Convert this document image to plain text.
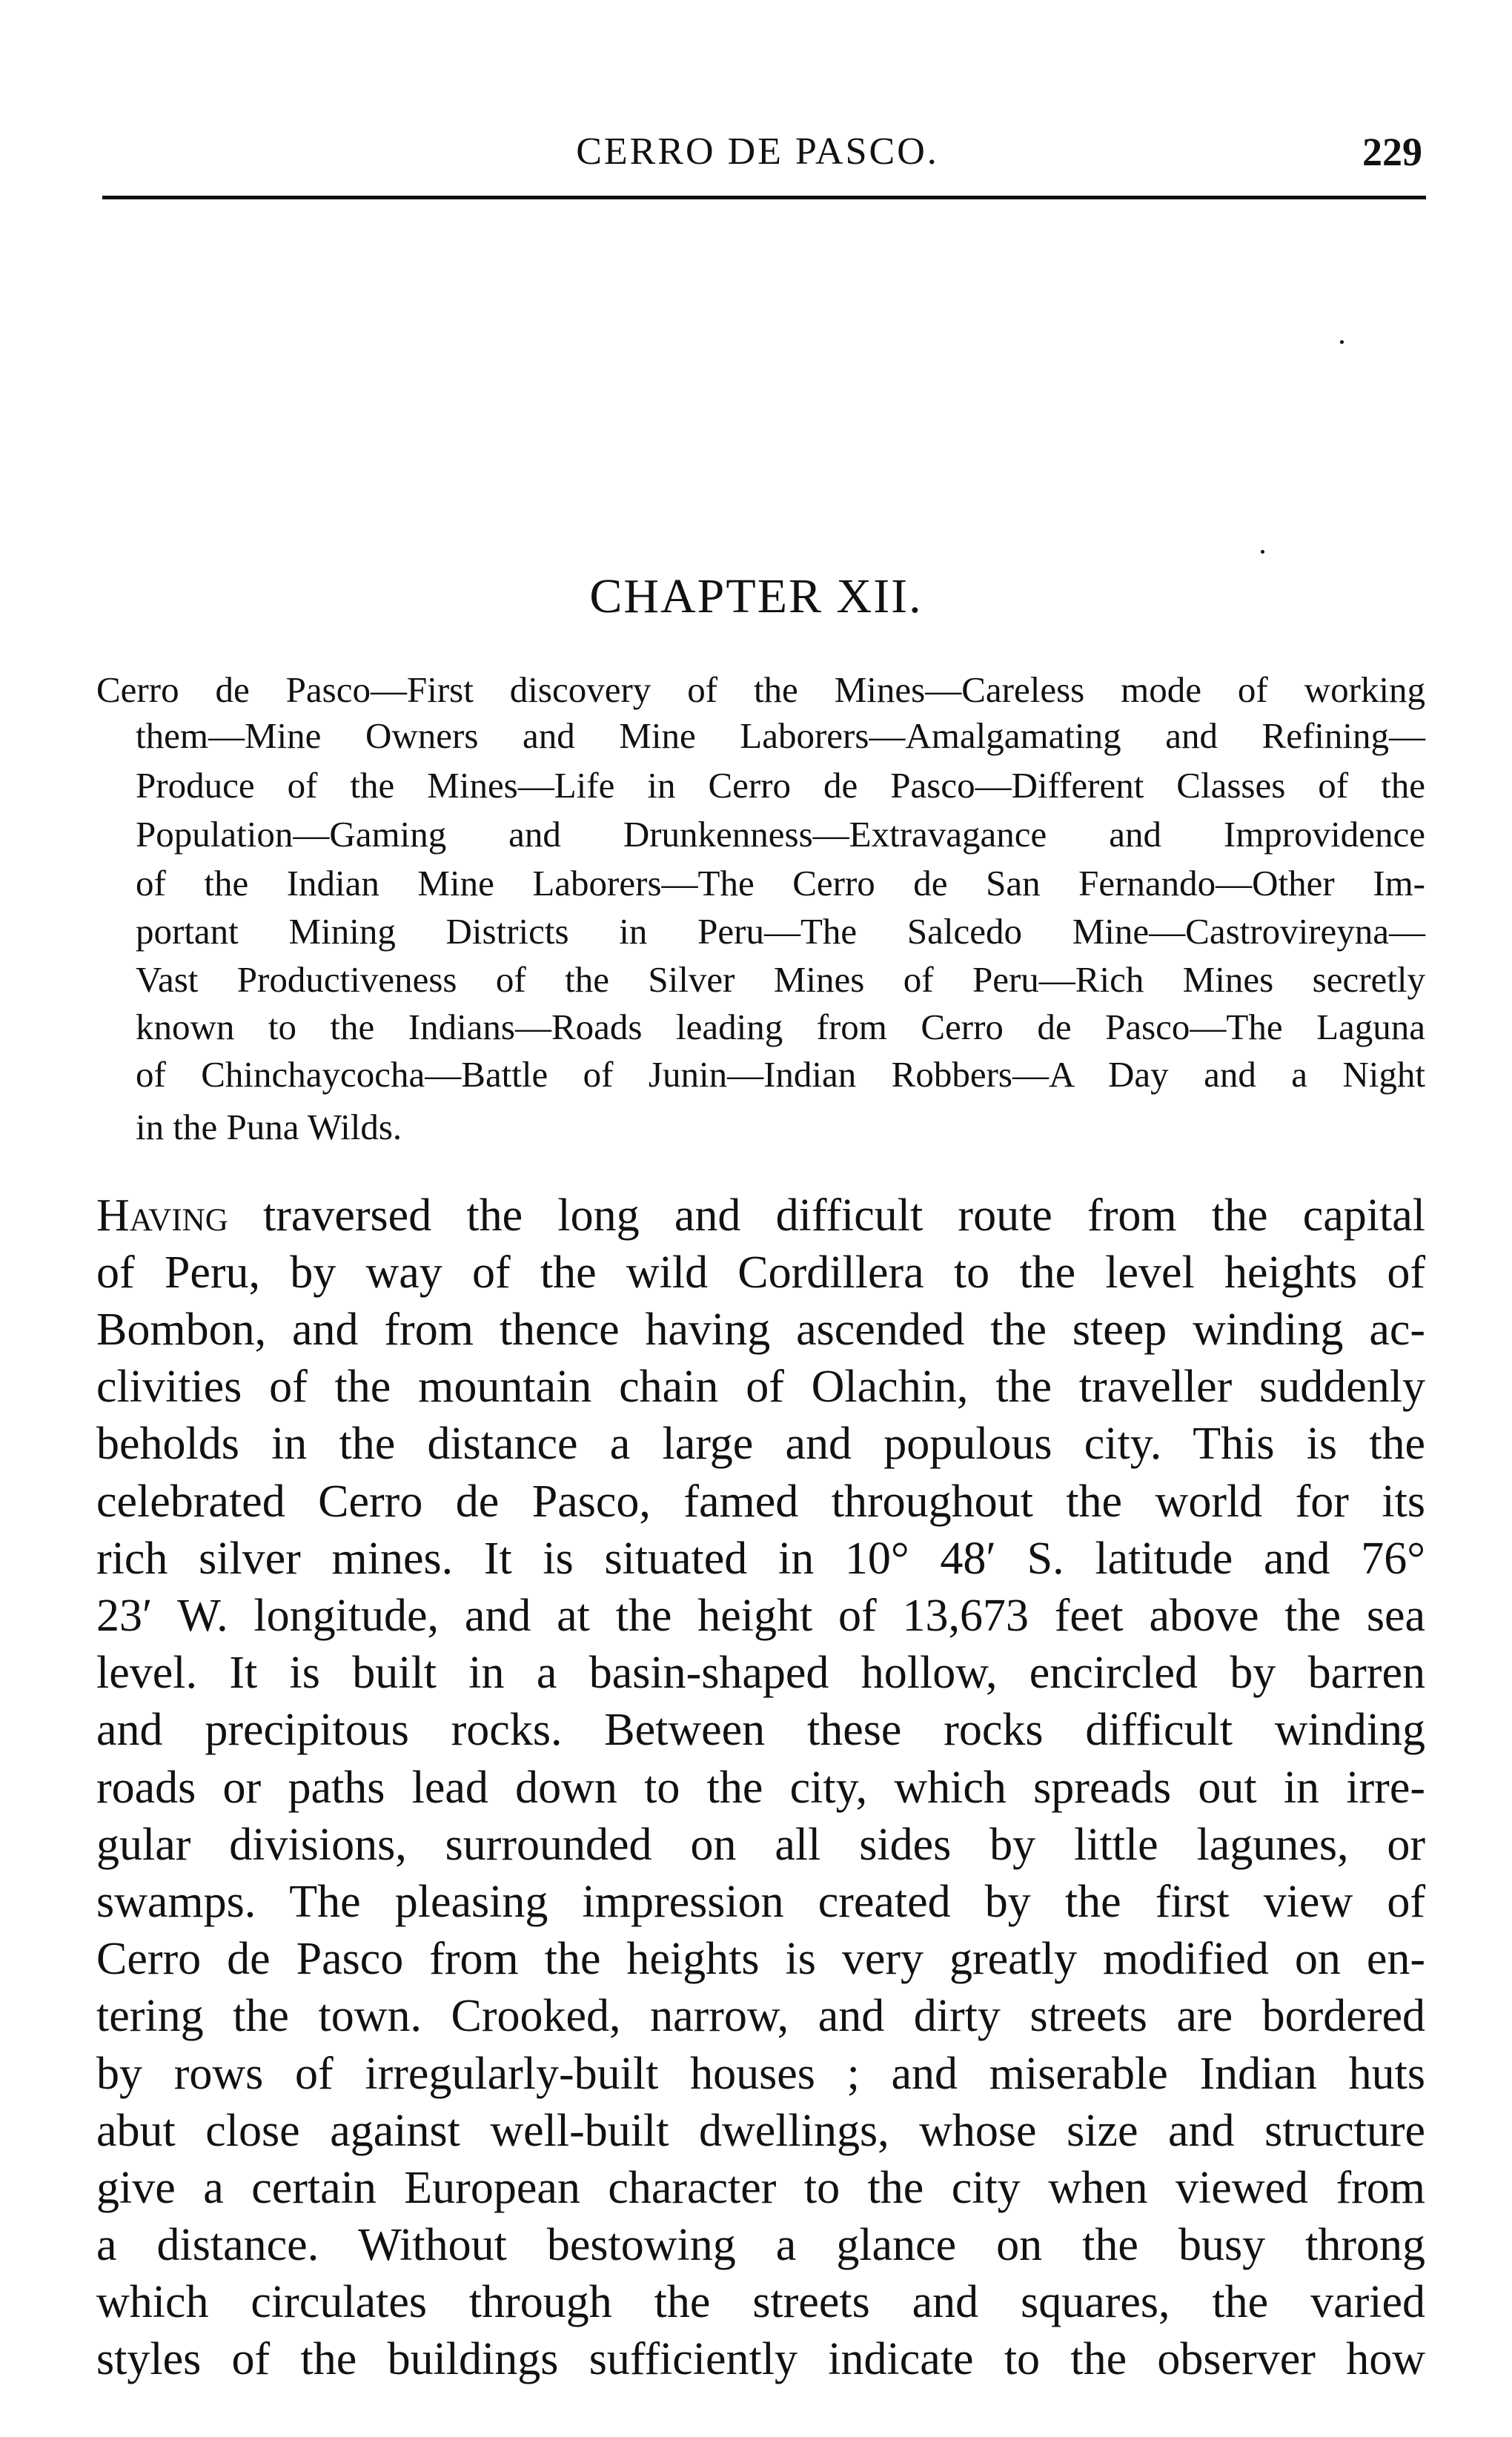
CERRO DE PASCO.	229
CHAPTER XII.
Cerro de Pasco—First discovery of the Mines—Careless mode of working
them—Mine Owners and Mine Laborers—Amalgamating and Refining—
Produce of the Mines—Life in Cerro de Pasco—Different Classes of the
Population—Gaming and Drunkenness—Extravagance and Improvidence
of the Indian Mine Laborers—The Cerro de San Fernando—Other Im-
portant Mining Districts in Peru—The Salcedo Mine—Castrovireyna—
Vast Productiveness of the Silver Mines of Peru—Rich Mines secretly
known to the Indians—Roads leading from Cerro de Pasco—The Laguna
of Chinchaycocha—Battle of Junin—Indian Robbers—A Day and a Night
in the Puna Wilds.
Having traversed the long and difficult route from the capital
of Peru, by way of the wild Cordillera to the level heights of
Bombon, and from thence having ascended the steep winding ac-
clivities of the mountain chain of Olachin, the traveller suddenly
beholds in the distance a large and populous city. This is the
celebrated Cerro de Pasco, famed throughout the world for its
rich silver mines. It is situated in 10° 48′ S. latitude and 76°
23′ W. longitude, and at the height of 13,673 feet above the sea
level. It is built in a basin-shaped hollow, encircled by barren
and precipitous rocks. Between these rocks difficult winding
roads or paths lead down to the city, which spreads out in irre-
gular divisions, surrounded on all sides by little lagunes, or
swamps. The pleasing impression created by the first view of
Cerro de Pasco from the heights is very greatly modified on en-
tering the town. Crooked, narrow, and dirty streets are bordered
by rows of irregularly-built houses ; and miserable Indian huts
abut close against well-built dwellings, whose size and structure
give a certain European character to the city when viewed from
a distance. Without bestowing a glance on the busy throng
which circulates through the streets and squares, the varied
styles of the buildings sufficiently indicate to the observer how
